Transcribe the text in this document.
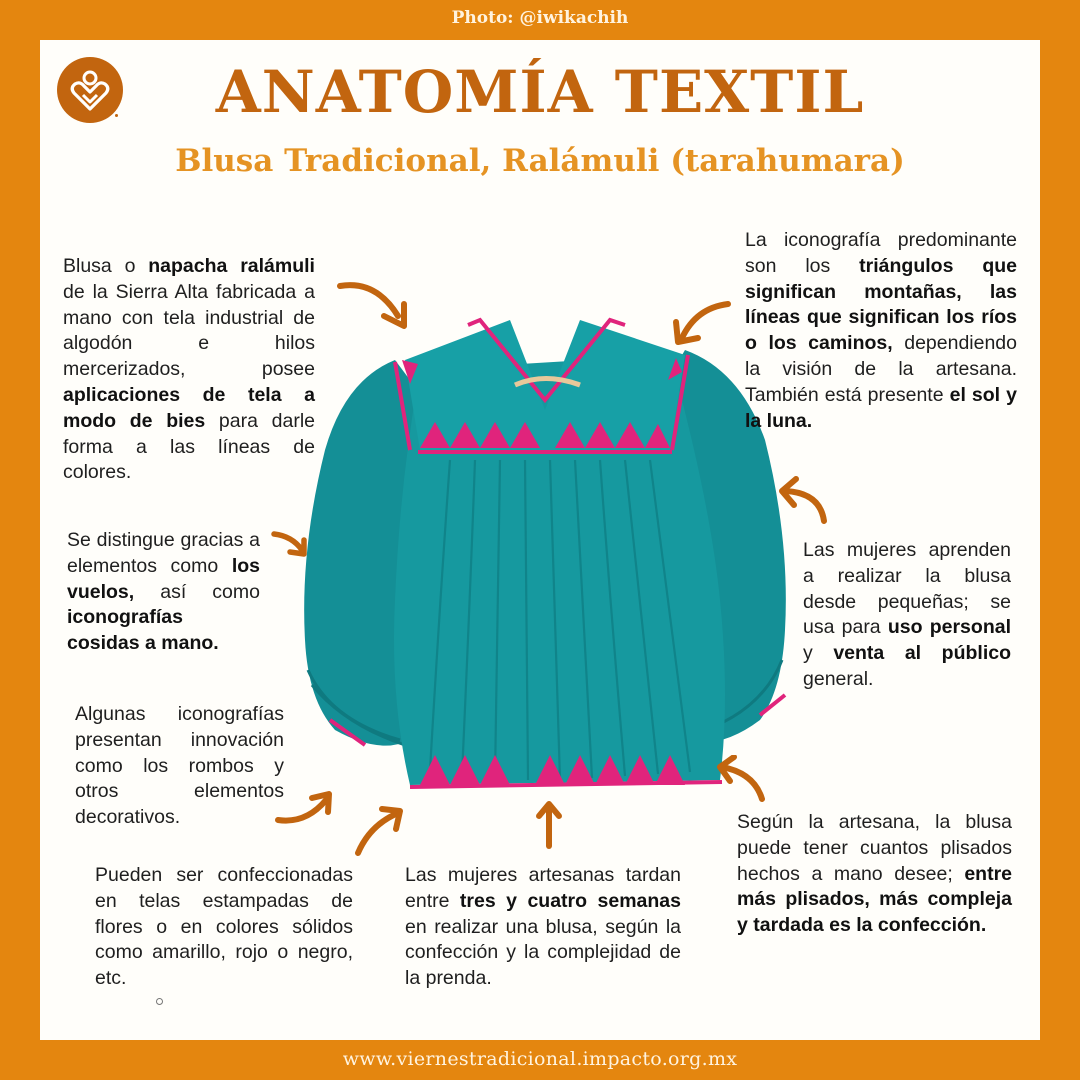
Photo: @iwikachih
ANATOMÍA TEXTIL
Blusa Tradicional, Ralámuli (tarahumara)
Blusa o napacha ralámuli de la Sierra Alta fabricada a mano con tela industrial de algodón e hilos mercerizados, posee aplicaciones de tela a modo de bies para darle forma a las líneas de colores.
Se distingue gracias a elementos como los vuelos, así como iconografías cosidas a mano.
Algunas iconografías presentan innovación como los rombos y otros elementos decorativos.
Pueden ser confeccionadas en telas estampadas de flores o en colores sólidos como amarillo, rojo o negro, etc.
Las mujeres artesanas tardan entre tres y cuatro semanas en realizar una blusa, según la confección y la complejidad de la prenda.
La iconografía predominante son los triángulos que significan montañas, las líneas que significan los ríos o los caminos, dependiendo la visión de la artesana. También está presente el sol y la luna.
Las mujeres aprenden a realizar la blusa desde pequeñas; se usa para uso personal y venta al público general.
Según la artesana, la blusa puede tener cuantos plisados hechos a mano desee; entre más plisados, más compleja y tardada es la confección.
www.viernestradicional.impacto.org.mx
